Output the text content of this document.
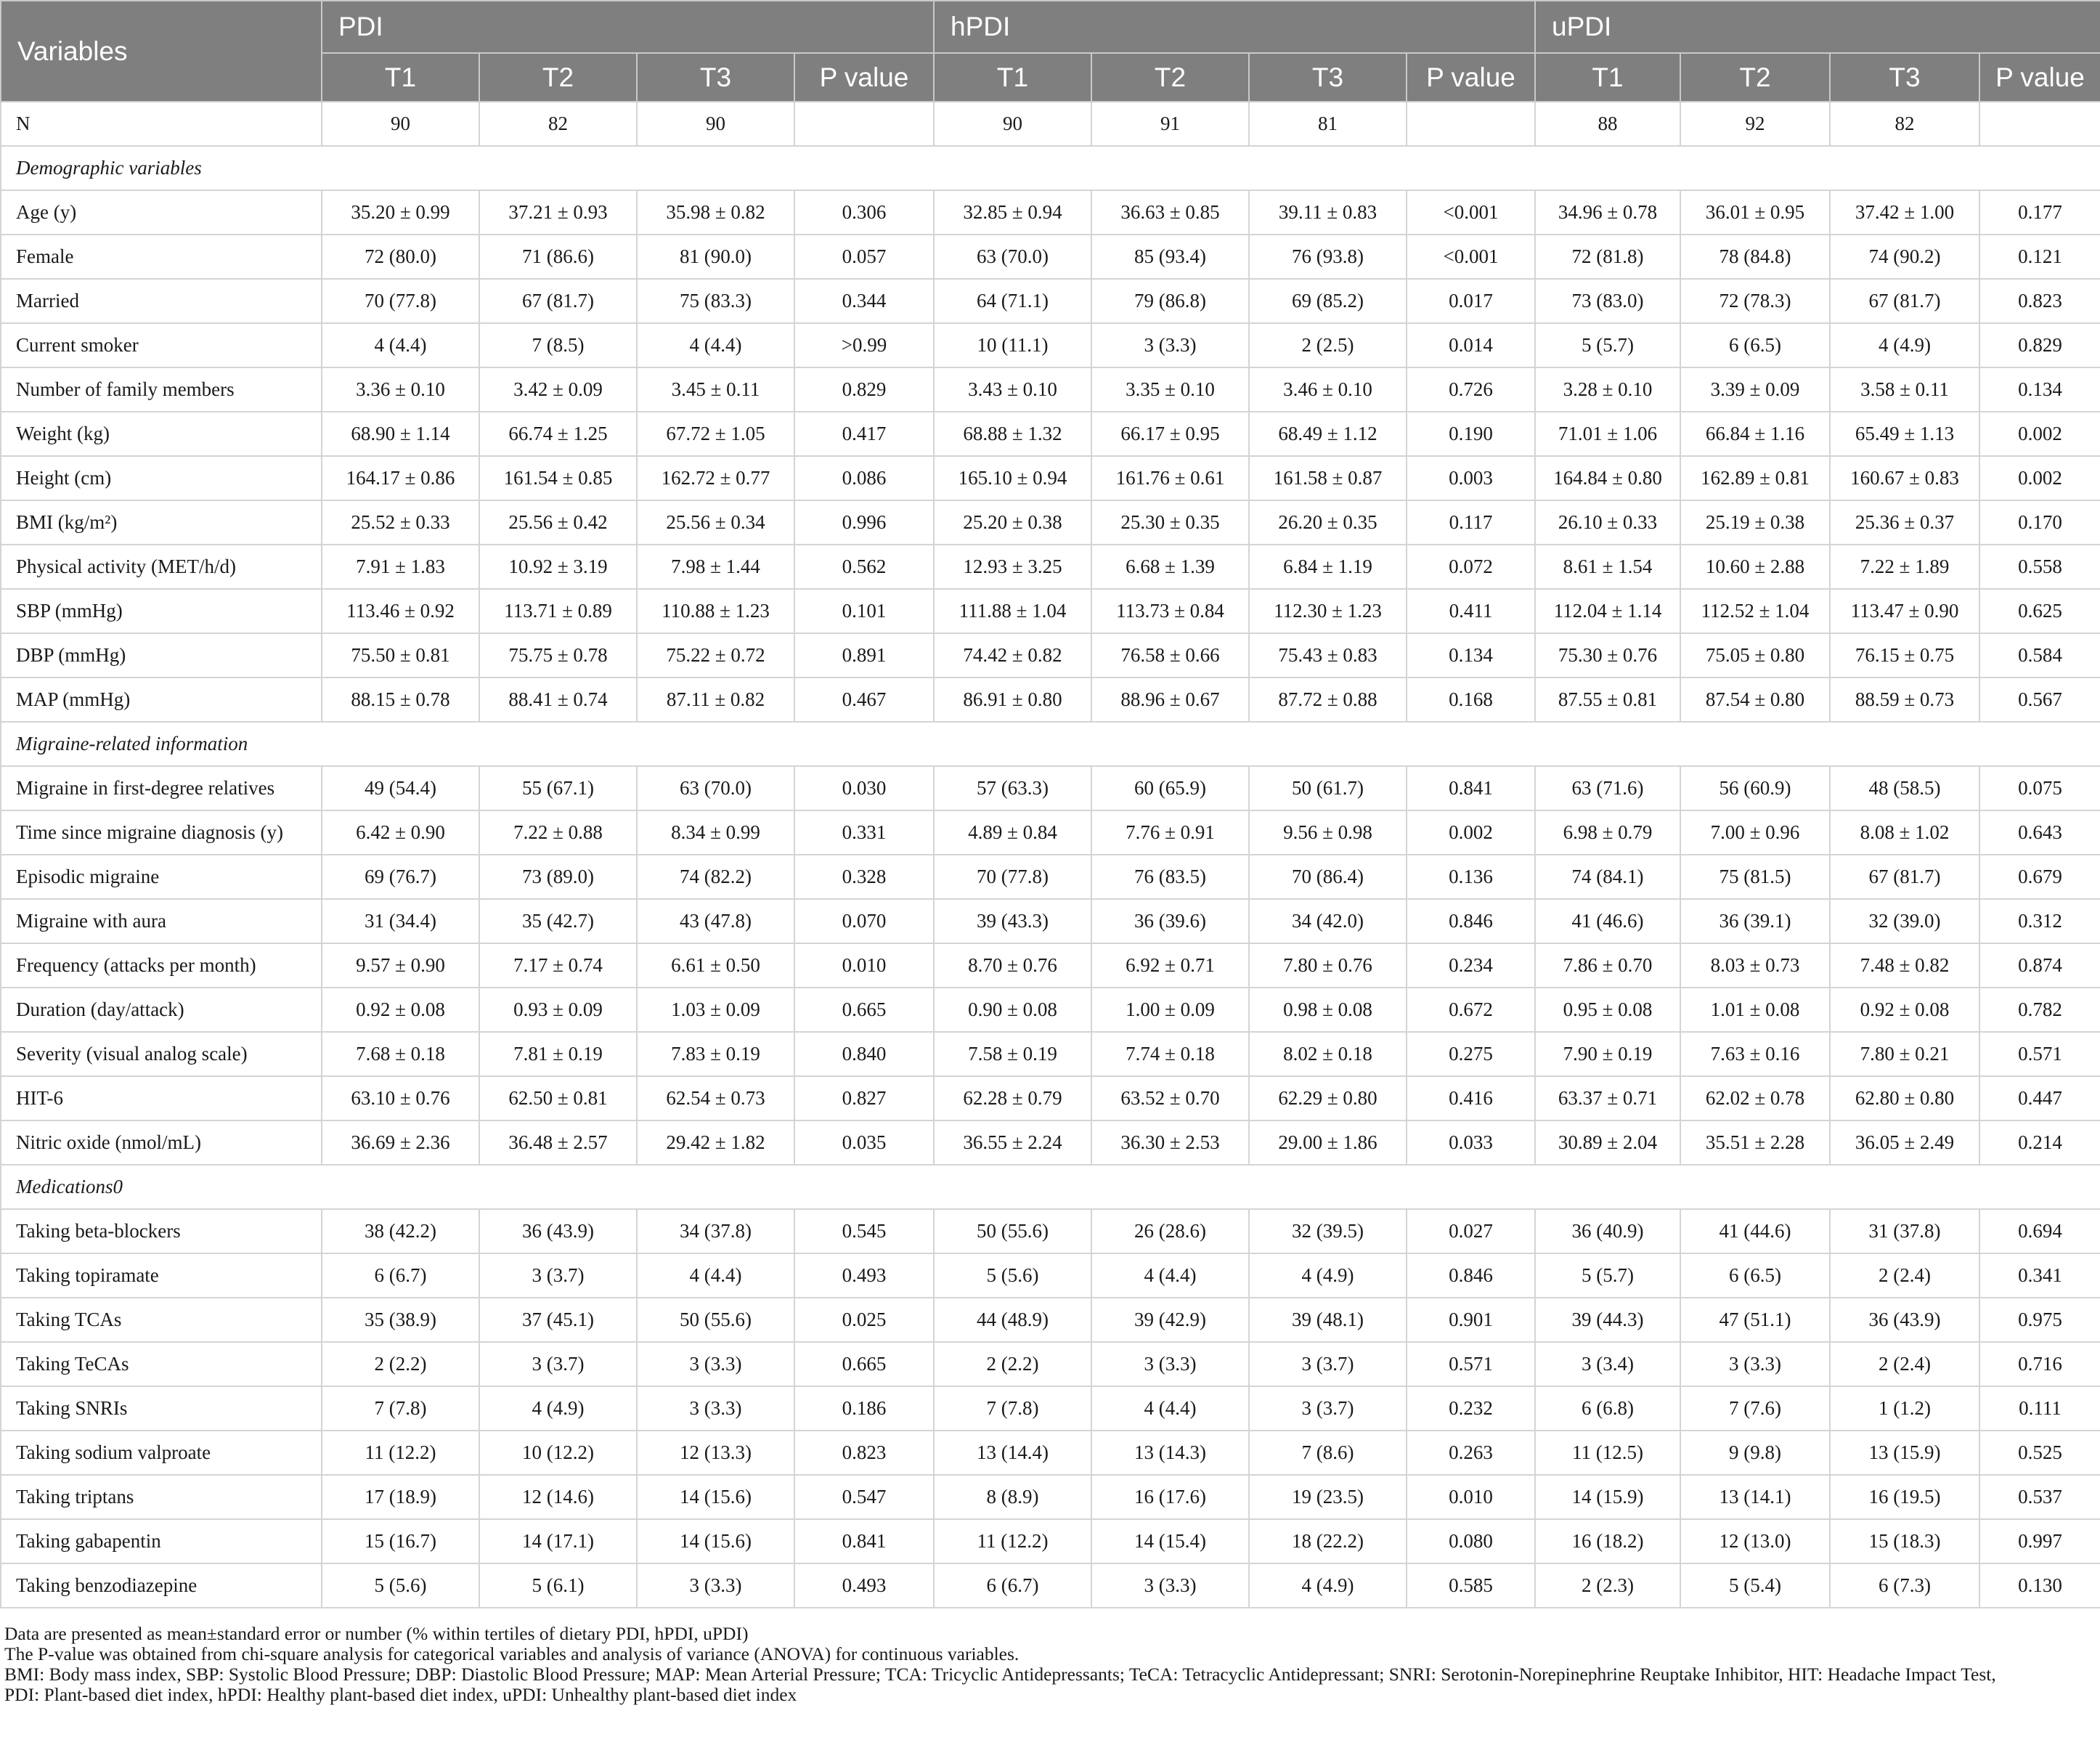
Variables	PDI				hPDI				uPDI			
	T1	T2	T3	P value	T1	T2	T3	P value	T1	T2	T3	P value
N	90	82	90		90	91	81		88	92	82	
Demographic variables												
Age (y)	35.20 ± 0.99	37.21 ± 0.93	35.98 ± 0.82	0.306	32.85 ± 0.94	36.63 ± 0.85	39.11 ± 0.83	<0.001	34.96 ± 0.78	36.01 ± 0.95	37.42 ± 1.00	0.177
Female	72 (80.0)	71 (86.6)	81 (90.0)	0.057	63 (70.0)	85 (93.4)	76 (93.8)	<0.001	72 (81.8)	78 (84.8)	74 (90.2)	0.121
Married	70 (77.8)	67 (81.7)	75 (83.3)	0.344	64 (71.1)	79 (86.8)	69 (85.2)	0.017	73 (83.0)	72 (78.3)	67 (81.7)	0.823
Current smoker	4 (4.4)	7 (8.5)	4 (4.4)	>0.99	10 (11.1)	3 (3.3)	2 (2.5)	0.014	5 (5.7)	6 (6.5)	4 (4.9)	0.829
Number of family members	3.36 ± 0.10	3.42 ± 0.09	3.45 ± 0.11	0.829	3.43 ± 0.10	3.35 ± 0.10	3.46 ± 0.10	0.726	3.28 ± 0.10	3.39 ± 0.09	3.58 ± 0.11	0.134
Weight (kg)	68.90 ± 1.14	66.74 ± 1.25	67.72 ± 1.05	0.417	68.88 ± 1.32	66.17 ± 0.95	68.49 ± 1.12	0.190	71.01 ± 1.06	66.84 ± 1.16	65.49 ± 1.13	0.002
Height (cm)	164.17 ± 0.86	161.54 ± 0.85	162.72 ± 0.77	0.086	165.10 ± 0.94	161.76 ± 0.61	161.58 ± 0.87	0.003	164.84 ± 0.80	162.89 ± 0.81	160.67 ± 0.83	0.002
BMI (kg/m²)	25.52 ± 0.33	25.56 ± 0.42	25.56 ± 0.34	0.996	25.20 ± 0.38	25.30 ± 0.35	26.20 ± 0.35	0.117	26.10 ± 0.33	25.19 ± 0.38	25.36 ± 0.37	0.170
Physical activity (MET/h/d)	7.91 ± 1.83	10.92 ± 3.19	7.98 ± 1.44	0.562	12.93 ± 3.25	6.68 ± 1.39	6.84 ± 1.19	0.072	8.61 ± 1.54	10.60 ± 2.88	7.22 ± 1.89	0.558
SBP (mmHg)	113.46 ± 0.92	113.71 ± 0.89	110.88 ± 1.23	0.101	111.88 ± 1.04	113.73 ± 0.84	112.30 ± 1.23	0.411	112.04 ± 1.14	112.52 ± 1.04	113.47 ± 0.90	0.625
DBP (mmHg)	75.50 ± 0.81	75.75 ± 0.78	75.22 ± 0.72	0.891	74.42 ± 0.82	76.58 ± 0.66	75.43 ± 0.83	0.134	75.30 ± 0.76	75.05 ± 0.80	76.15 ± 0.75	0.584
MAP (mmHg)	88.15 ± 0.78	88.41 ± 0.74	87.11 ± 0.82	0.467	86.91 ± 0.80	88.96 ± 0.67	87.72 ± 0.88	0.168	87.55 ± 0.81	87.54 ± 0.80	88.59 ± 0.73	0.567
Migraine-related information												
Migraine in first-degree relatives	49 (54.4)	55 (67.1)	63 (70.0)	0.030	57 (63.3)	60 (65.9)	50 (61.7)	0.841	63 (71.6)	56 (60.9)	48 (58.5)	0.075
Time since migraine diagnosis (y)	6.42 ± 0.90	7.22 ± 0.88	8.34 ± 0.99	0.331	4.89 ± 0.84	7.76 ± 0.91	9.56 ± 0.98	0.002	6.98 ± 0.79	7.00 ± 0.96	8.08 ± 1.02	0.643
Episodic migraine	69 (76.7)	73 (89.0)	74 (82.2)	0.328	70 (77.8)	76 (83.5)	70 (86.4)	0.136	74 (84.1)	75 (81.5)	67 (81.7)	0.679
Migraine with aura	31 (34.4)	35 (42.7)	43 (47.8)	0.070	39 (43.3)	36 (39.6)	34 (42.0)	0.846	41 (46.6)	36 (39.1)	32 (39.0)	0.312
Frequency (attacks per month)	9.57 ± 0.90	7.17 ± 0.74	6.61 ± 0.50	0.010	8.70 ± 0.76	6.92 ± 0.71	7.80 ± 0.76	0.234	7.86 ± 0.70	8.03 ± 0.73	7.48 ± 0.82	0.874
Duration (day/attack)	0.92 ± 0.08	0.93 ± 0.09	1.03 ± 0.09	0.665	0.90 ± 0.08	1.00 ± 0.09	0.98 ± 0.08	0.672	0.95 ± 0.08	1.01 ± 0.08	0.92 ± 0.08	0.782
Severity (visual analog scale)	7.68 ± 0.18	7.81 ± 0.19	7.83 ± 0.19	0.840	7.58 ± 0.19	7.74 ± 0.18	8.02 ± 0.18	0.275	7.90 ± 0.19	7.63 ± 0.16	7.80 ± 0.21	0.571
HIT-6	63.10 ± 0.76	62.50 ± 0.81	62.54 ± 0.73	0.827	62.28 ± 0.79	63.52 ± 0.70	62.29 ± 0.80	0.416	63.37 ± 0.71	62.02 ± 0.78	62.80 ± 0.80	0.447
Nitric oxide (nmol/mL)	36.69 ± 2.36	36.48 ± 2.57	29.42 ± 1.82	0.035	36.55 ± 2.24	36.30 ± 2.53	29.00 ± 1.86	0.033	30.89 ± 2.04	35.51 ± 2.28	36.05 ± 2.49	0.214
Medications0												
Taking beta-blockers	38 (42.2)	36 (43.9)	34 (37.8)	0.545	50 (55.6)	26 (28.6)	32 (39.5)	0.027	36 (40.9)	41 (44.6)	31 (37.8)	0.694
Taking topiramate	6 (6.7)	3 (3.7)	4 (4.4)	0.493	5 (5.6)	4 (4.4)	4 (4.9)	0.846	5 (5.7)	6 (6.5)	2 (2.4)	0.341
Taking TCAs	35 (38.9)	37 (45.1)	50 (55.6)	0.025	44 (48.9)	39 (42.9)	39 (48.1)	0.901	39 (44.3)	47 (51.1)	36 (43.9)	0.975
Taking TeCAs	2 (2.2)	3 (3.7)	3 (3.3)	0.665	2 (2.2)	3 (3.3)	3 (3.7)	0.571	3 (3.4)	3 (3.3)	2 (2.4)	0.716
Taking SNRIs	7 (7.8)	4 (4.9)	3 (3.3)	0.186	7 (7.8)	4 (4.4)	3 (3.7)	0.232	6 (6.8)	7 (7.6)	1 (1.2)	0.111
Taking sodium valproate	11 (12.2)	10 (12.2)	12 (13.3)	0.823	13 (14.4)	13 (14.3)	7 (8.6)	0.263	11 (12.5)	9 (9.8)	13 (15.9)	0.525
Taking triptans	17 (18.9)	12 (14.6)	14 (15.6)	0.547	8 (8.9)	16 (17.6)	19 (23.5)	0.010	14 (15.9)	13 (14.1)	16 (19.5)	0.537
Taking gabapentin	15 (16.7)	14 (17.1)	14 (15.6)	0.841	11 (12.2)	14 (15.4)	18 (22.2)	0.080	16 (18.2)	12 (13.0)	15 (18.3)	0.997
Taking benzodiazepine	5 (5.6)	5 (6.1)	3 (3.3)	0.493	6 (6.7)	3 (3.3)	4 (4.9)	0.585	2 (2.3)	5 (5.4)	6 (7.3)	0.130
Data are presented as mean±standard error or number (% within tertiles of dietary PDI, hPDI, uPDI)
The P-value was obtained from chi-square analysis for categorical variables and analysis of variance (ANOVA) for continuous variables.
BMI: Body mass index, SBP: Systolic Blood Pressure; DBP: Diastolic Blood Pressure; MAP: Mean Arterial Pressure; TCA: Tricyclic Antidepressants; TeCA: Tetracyclic Antidepressant; SNRI: Serotonin-Norepinephrine Reuptake Inhibitor, HIT: Headache Impact Test,
PDI: Plant-based diet index, hPDI: Healthy plant-based diet index, uPDI: Unhealthy plant-based diet index
